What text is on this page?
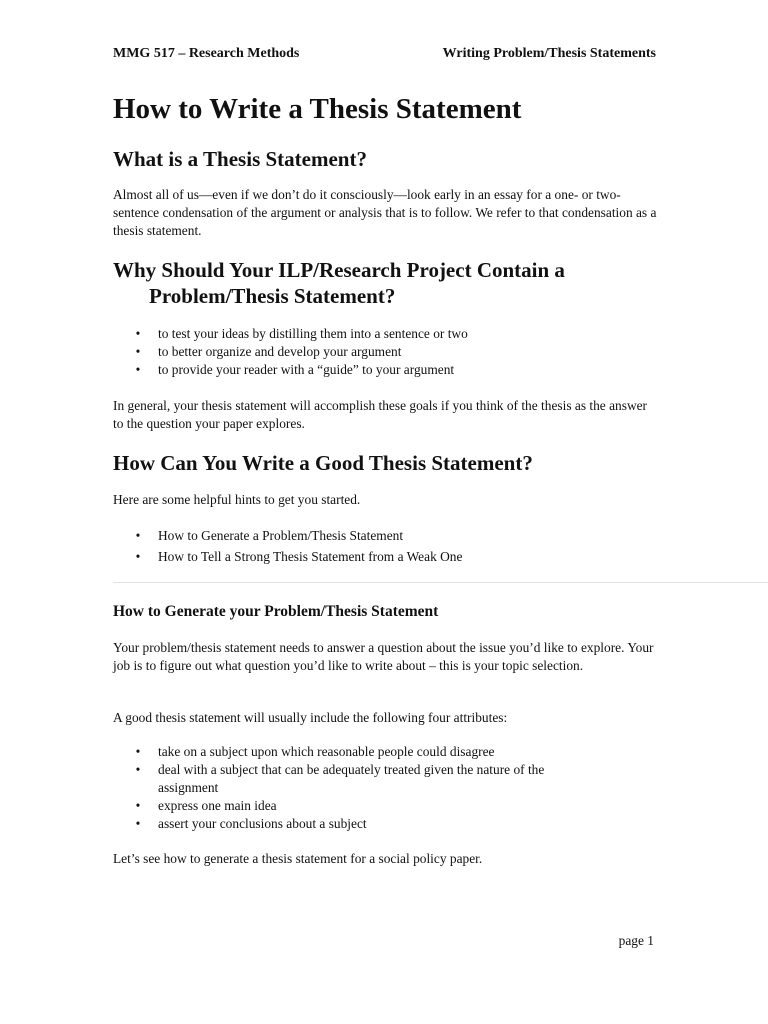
MMG 517 – Research Methods	Writing Problem/Thesis Statements
How to Write a Thesis Statement
What is a Thesis Statement?

Almost all of us—even if we don’t do it consciously—look early in an essay for a one- or two-sentence condensation of the argument or analysis that is to follow. We refer to that condensation as a thesis statement.

Why Should Your ILP/Research Project Contain a
Problem/Thesis Statement?
• to test your ideas by distilling them into a sentence or two
• to better organize and develop your argument
• to provide your reader with a “guide” to your argument

In general, your thesis statement will accomplish these goals if you think of the thesis as the answer to the question your paper explores.

How Can You Write a Good Thesis Statement?

Here are some helpful hints to get you started.

• How to Generate a Problem/Thesis Statement
• How to Tell a Strong Thesis Statement from a Weak One
How to Generate your Problem/Thesis Statement

Your problem/thesis statement needs to answer a question about the issue you’d like to explore. Your job is to figure out what question you’d like to write about – this is your topic selection.

A good thesis statement will usually include the following four attributes:

• take on a subject upon which reasonable people could disagree
• deal with a subject that can be adequately treated given the nature of the assignment
• express one main idea
• assert your conclusions about a subject

Let’s see how to generate a thesis statement for a social policy paper.

page 1
